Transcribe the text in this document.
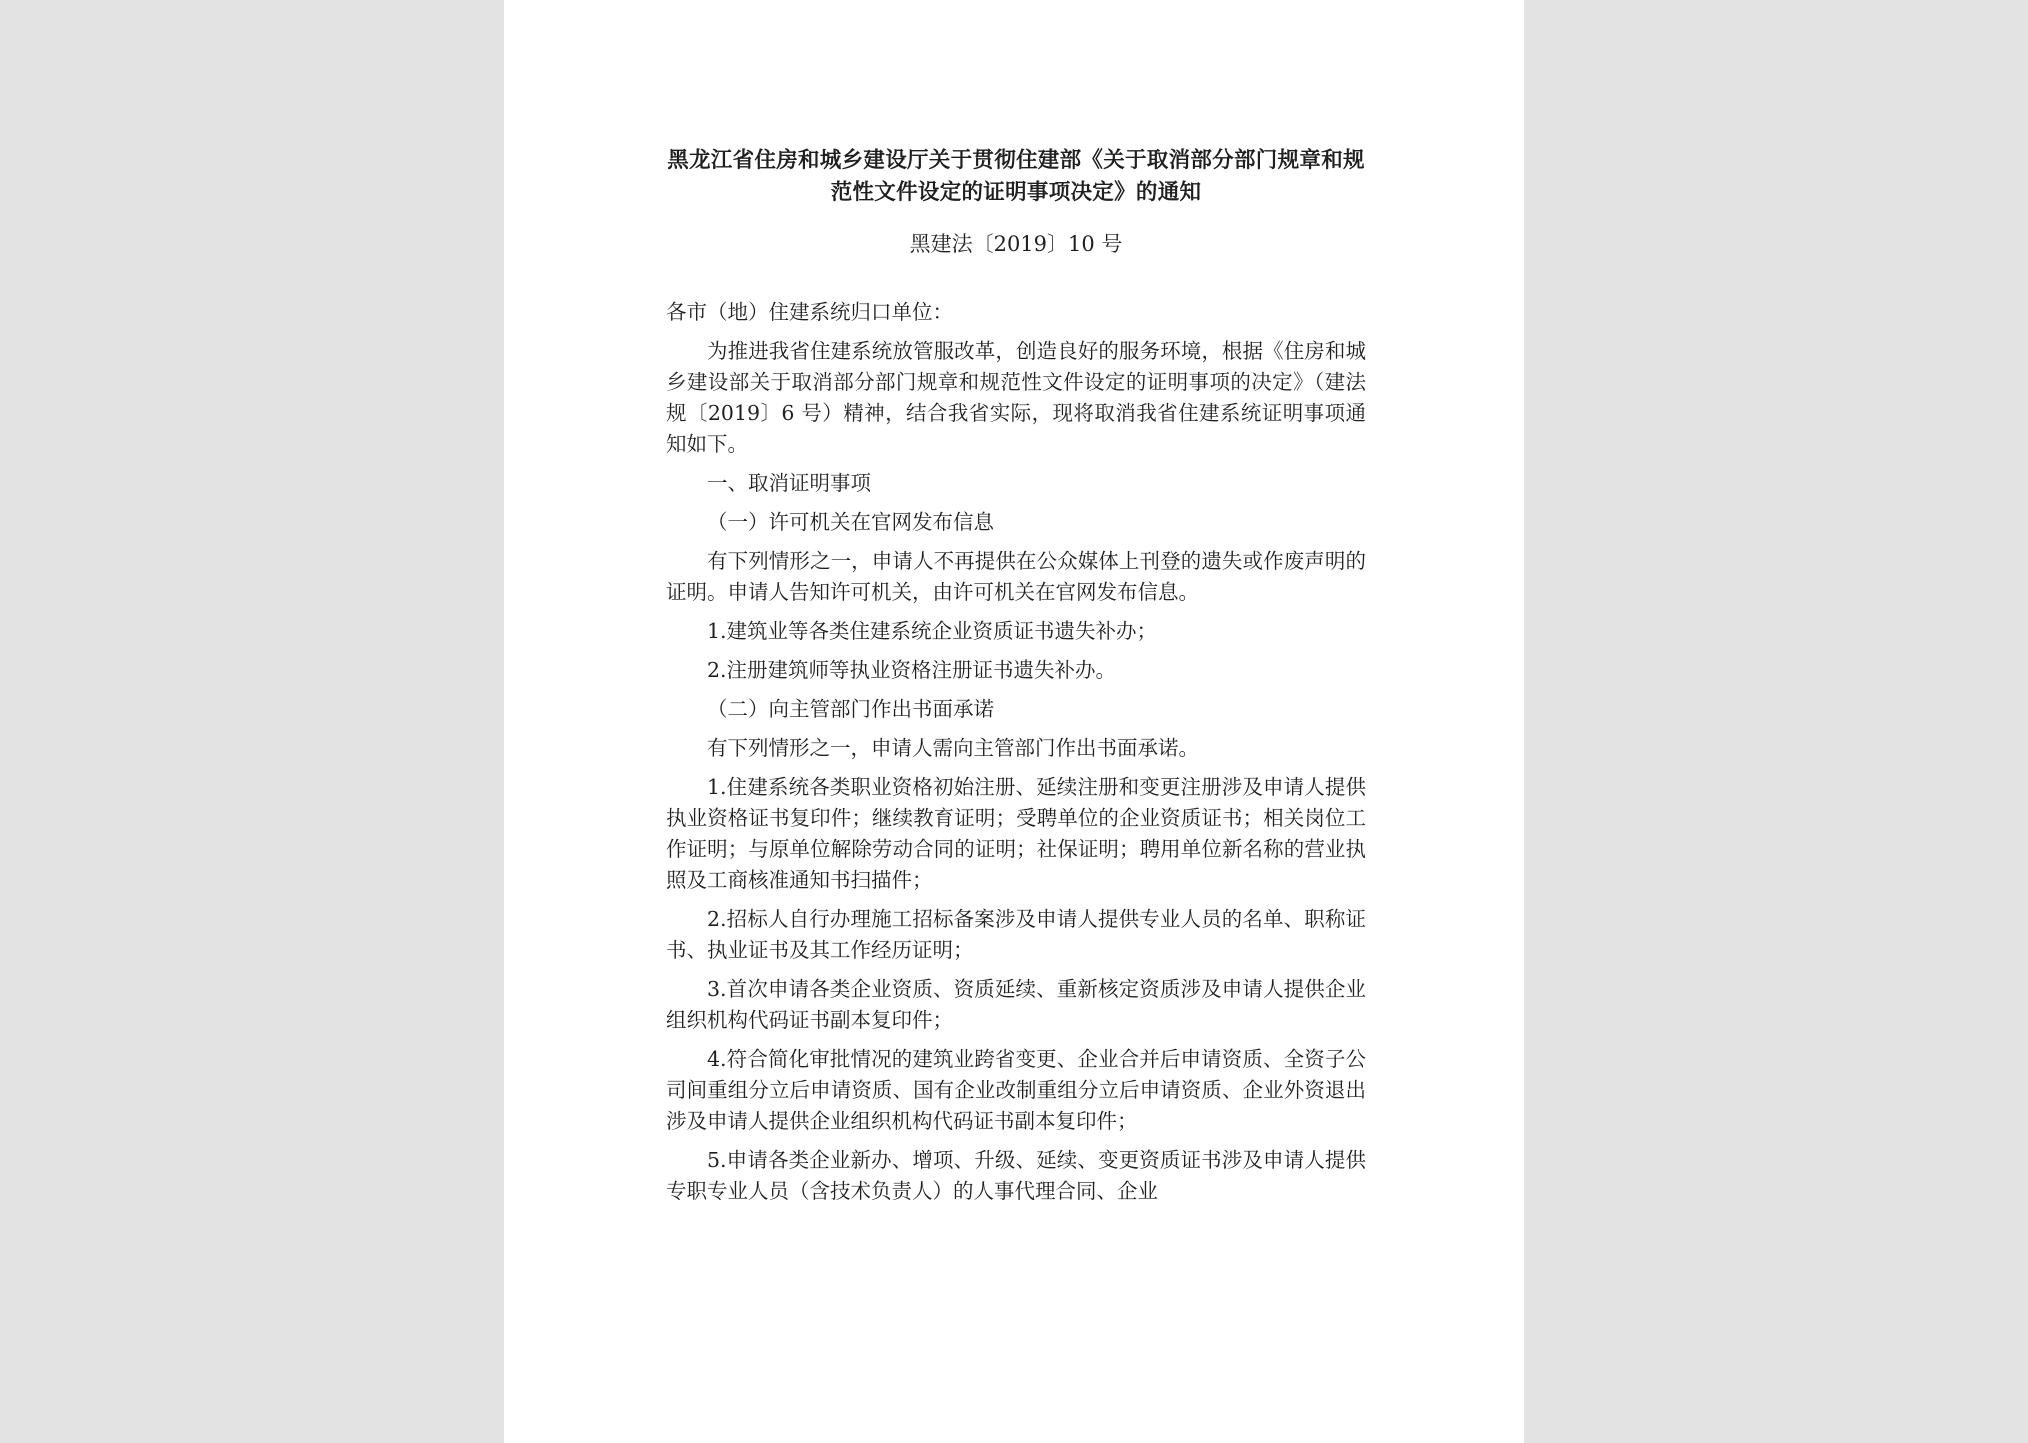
黑龙江省住房和城乡建设厅关于贯彻住建部《关于取消部分部门规章和规范性文件设定的证明事项决定》的通知

黑建法〔2019〕10 号

各市（地）住建系统归口单位：

为推进我省住建系统放管服改革，创造良好的服务环境，根据《住房和城乡建设部关于取消部分部门规章和规范性文件设定的证明事项的决定》（建法规〔2019〕6 号）精神，结合我省实际，现将取消我省住建系统证明事项通知如下。

一、取消证明事项

（一）许可机关在官网发布信息

有下列情形之一，申请人不再提供在公众媒体上刊登的遗失或作废声明的证明。申请人告知许可机关，由许可机关在官网发布信息。

1.建筑业等各类住建系统企业资质证书遗失补办；

2.注册建筑师等执业资格注册证书遗失补办。

（二）向主管部门作出书面承诺

有下列情形之一，申请人需向主管部门作出书面承诺。

1.住建系统各类职业资格初始注册、延续注册和变更注册涉及申请人提供执业资格证书复印件；继续教育证明；受聘单位的企业资质证书；相关岗位工作证明；与原单位解除劳动合同的证明；社保证明；聘用单位新名称的营业执照及工商核准通知书扫描件；

2.招标人自行办理施工招标备案涉及申请人提供专业人员的名单、职称证书、执业证书及其工作经历证明；

3.首次申请各类企业资质、资质延续、重新核定资质涉及申请人提供企业组织机构代码证书副本复印件；

4.符合简化审批情况的建筑业跨省变更、企业合并后申请资质、全资子公司间重组分立后申请资质、国有企业改制重组分立后申请资质、企业外资退出涉及申请人提供企业组织机构代码证书副本复印件；

5.申请各类企业新办、增项、升级、延续、变更资质证书涉及申请人提供专职专业人员（含技术负责人）的人事代理合同、企业
